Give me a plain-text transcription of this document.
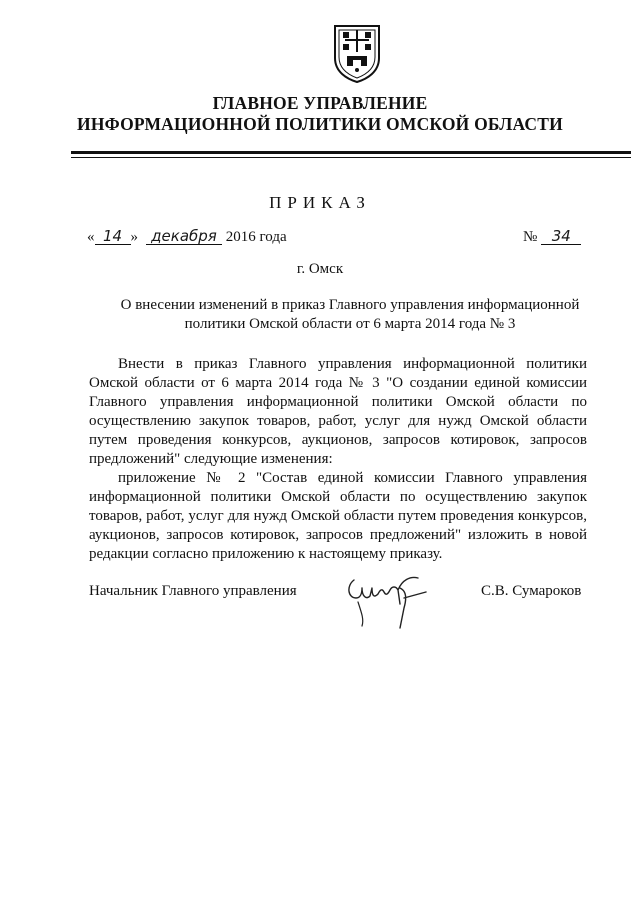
ГЛАВНОЕ УПРАВЛЕНИЕ
ИНФОРМАЦИОННОЙ ПОЛИТИКИ ОМСКОЙ ОБЛАСТИ
ПРИКАЗ
« 14 » декабря 2016 года	№ 34
г. Омск
О внесении изменений в приказ Главного управления информационной политики Омской области от 6 марта 2014 года № 3

Внести в приказ Главного управления информационной политики Омской области от 6 марта 2014 года № 3 "О создании единой комиссии Главного управления информационной политики Омской области по осуществлению закупок товаров, работ, услуг для нужд Омской области путем проведения конкурсов, аукционов, запросов котировок, запросов предложений" следующие изменения:

приложение № 2 "Состав единой комиссии Главного управления информационной политики Омской области по осуществлению закупок товаров, работ, услуг для нужд Омской области путем проведения конкурсов, аукционов, запросов котировок, запросов предложений" изложить в новой редакции согласно приложению к настоящему приказу.

Начальник Главного управления	С.В. Сумароков
